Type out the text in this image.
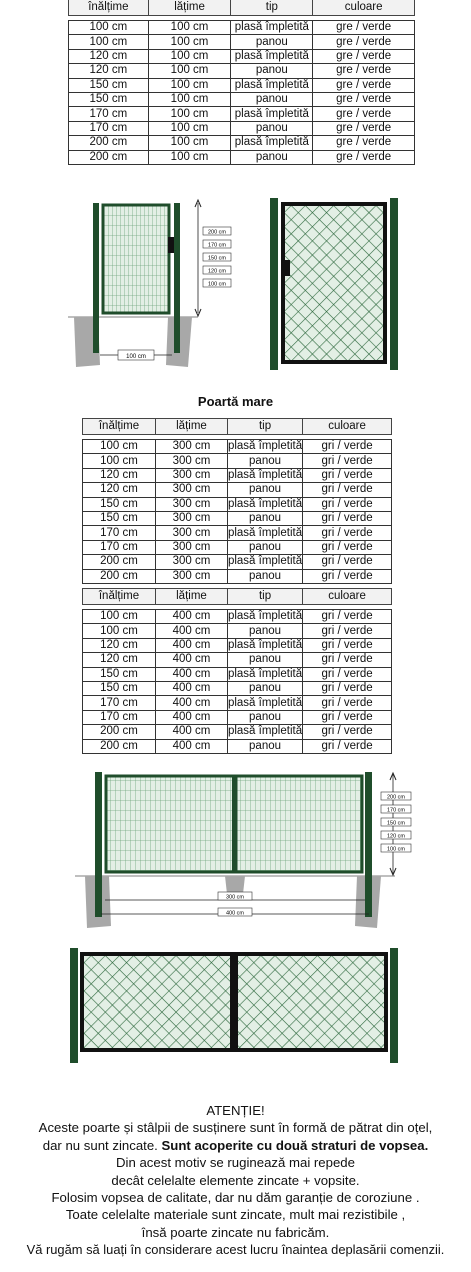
înălțime	lățime	tip	culoare

100 cm	100 cm	plasă împletită	gre / verde
100 cm	100 cm	panou	gre / verde
120 cm	100 cm	plasă împletită	gre / verde
120 cm	100 cm	panou	gre / verde
150 cm	100 cm	plasă împletită	gre / verde
150 cm	100 cm	panou	gre / verde
170 cm	100 cm	plasă împletită	gre / verde
170 cm	100 cm	panou	gre / verde
200 cm	100 cm	plasă împletită	gre / verde
200 cm	100 cm	panou	gre / verde
200 cm
170 cm
150 cm
120 cm
100 cm
100 cm
Poartă mare
înălțime	lățime	tip	culoare

100 cm	300 cm	plasă împletită	gri / verde
100 cm	300 cm	panou	gri / verde
120 cm	300 cm	plasă împletită	gri / verde
120 cm	300 cm	panou	gri / verde
150 cm	300 cm	plasă împletită	gri / verde
150 cm	300 cm	panou	gri / verde
170 cm	300 cm	plasă împletită	gri / verde
170 cm	300 cm	panou	gri / verde
200 cm	300 cm	plasă împletită	gri / verde
200 cm	300 cm	panou	gri / verde
înălțime	lățime	tip	culoare

100 cm	400 cm	plasă împletită	gri / verde
100 cm	400 cm	panou	gri / verde
120 cm	400 cm	plasă împletită	gri / verde
120 cm	400 cm	panou	gri / verde
150 cm	400 cm	plasă împletită	gri / verde
150 cm	400 cm	panou	gri / verde
170 cm	400 cm	plasă împletită	gri / verde
170 cm	400 cm	panou	gri / verde
200 cm	400 cm	plasă împletită	gri / verde
200 cm	400 cm	panou	gri / verde
200 cm
170 cm
150 cm
120 cm
100 cm
300 cm
400 cm
ATENȚIE!
Aceste poarte și stâlpii de susținere sunt în formă de pătrat din oțel,
dar nu sunt zincate. Sunt acoperite cu două straturi de vopsea.
Din acest motiv se rugineazǎ mai repede
decât celelalte elemente zincate + vopsite.
Folosim vopsea de calitate, dar nu dăm garanție de coroziune .
Toate celelalte materiale sunt zincate, mult mai rezistibile ,
însă poarte zincate nu fabricăm.
Vă rugăm să luați în considerare acest lucru înaintea deplasării comenzii.
